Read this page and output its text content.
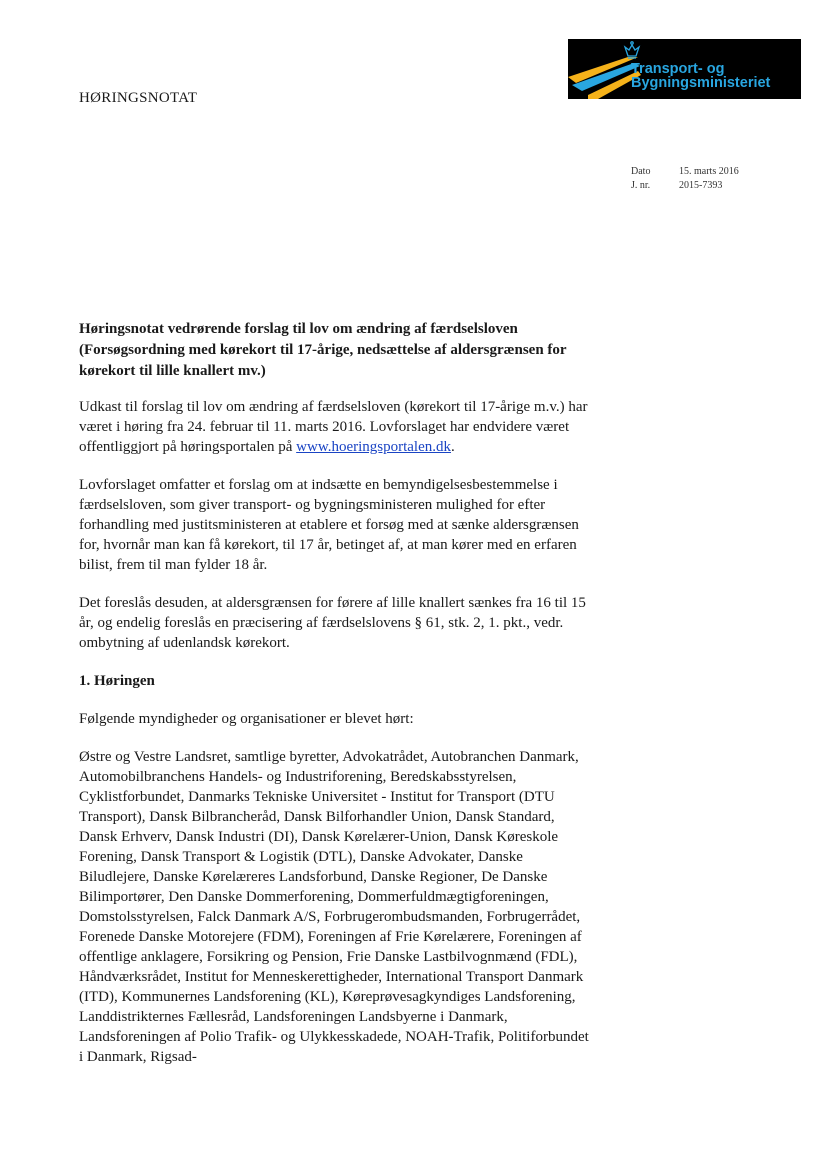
HØRINGSNOTAT
Transport- og
Bygningsministeriet
Dato	15. marts 2016
J. nr.	2015-7393
Høringsnotat vedrørende forslag til lov om ændring af færdselsloven (Forsøgsordning med kørekort til 17-årige, nedsættelse af aldersgrænsen for kørekort til lille knallert mv.)

Udkast til forslag til lov om ændring af færdselsloven (kørekort til 17-årige m.v.) har været i høring fra 24. februar til 11. marts 2016. Lovforslaget har endvidere været offentliggjort på høringsportalen på www.hoeringsportalen.dk.

Lovforslaget omfatter et forslag om at indsætte en bemyndigelsesbestemmelse i færdselsloven, som giver transport- og bygningsministeren mulighed for efter forhandling med justitsministeren at etablere et forsøg med at sænke aldersgrænsen for, hvornår man kan få kørekort, til 17 år, betinget af, at man kører med en erfaren bilist, frem til man fylder 18 år.

Det foreslås desuden, at aldersgrænsen for førere af lille knallert sænkes fra 16 til 15 år, og endelig foreslås en præcisering af færdselslovens § 61, stk. 2, 1. pkt., vedr. ombytning af udenlandsk kørekort.

1. Høringen

Følgende myndigheder og organisationer er blevet hørt:

Østre og Vestre Landsret, samtlige byretter, Advokatrådet, Autobranchen Danmark, Automobilbranchens Handels- og Industriforening, Beredskabsstyrelsen, Cyklistforbundet, Danmarks Tekniske Universitet - Institut for Transport (DTU Transport), Dansk Bilbrancheråd, Dansk Bilforhandler Union, Dansk Standard, Dansk Erhverv, Dansk Industri (DI), Dansk Kørelærer-Union, Dansk Køreskole Forening, Dansk Transport & Logistik (DTL), Danske Advokater, Danske Biludlejere, Danske Kørelæreres Landsforbund, Danske Regioner, De Danske Bilimportører, Den Danske Dommerforening, Dommerfuldmægtigforeningen, Domstolsstyrelsen, Falck Danmark A/S, Forbrugerombudsmanden, Forbrugerrådet, Forenede Danske Motorejere (FDM), Foreningen af Frie Kørelærere, Foreningen af offentlige anklagere, Forsikring og Pension, Frie Danske Lastbilvognmænd (FDL), Håndværksrådet, Institut for Menneskerettigheder, International Transport Danmark (ITD), Kommunernes Landsforening (KL), Køreprøvesagkyndiges Landsforening, Landdistrikternes Fællesråd, Landsforeningen Landsbyerne i Danmark, Landsforeningen af Polio Trafik- og Ulykkesskadede, NOAH-Trafik, Politiforbundet i Danmark, Rigsad-
